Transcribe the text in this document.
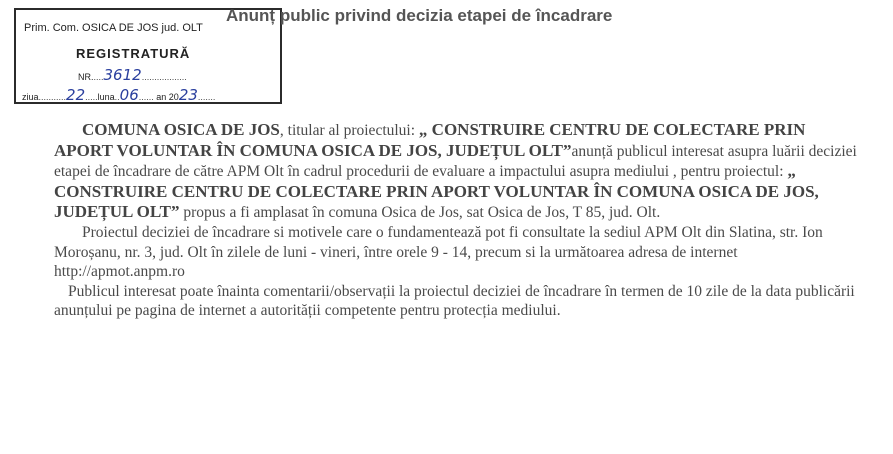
Prim. Com. OSICA DE JOS jud. OLT
REGISTRATURĂ
NR.....3612..................
ziua...........22.....luna..06...... an 2023.......
Anunț public privind decizia etapei de încadrare

COMUNA OSICA DE JOS, titular al proiectului: „ CONSTRUIRE CENTRU DE COLECTARE PRIN APORT VOLUNTAR ÎN COMUNA OSICA DE JOS, JUDEȚUL OLT”anunță publicul interesat asupra luării deciziei etapei de încadrare de către APM Olt în cadrul procedurii de evaluare a impactului asupra mediului , pentru proiectul: „ CONSTRUIRE CENTRU DE COLECTARE PRIN APORT VOLUNTAR ÎN COMUNA OSICA DE JOS, JUDEȚUL OLT” propus a fi amplasat în comuna Osica de Jos, sat Osica de Jos, T 85, jud. Olt.

Proiectul deciziei de încadrare si motivele care o fundamentează pot fi consultate la sediul APM Olt din Slatina, str. Ion Moroșanu, nr. 3, jud. Olt în zilele de luni - vineri, între orele 9 - 14, precum si la următoarea adresa de internet http://apmot.anpm.ro

Publicul interesat poate înainta comentarii/observații la proiectul deciziei de încadrare în termen de 10 zile de la data publicării anunțului pe pagina de internet a autorității competente pentru protecția mediului.
